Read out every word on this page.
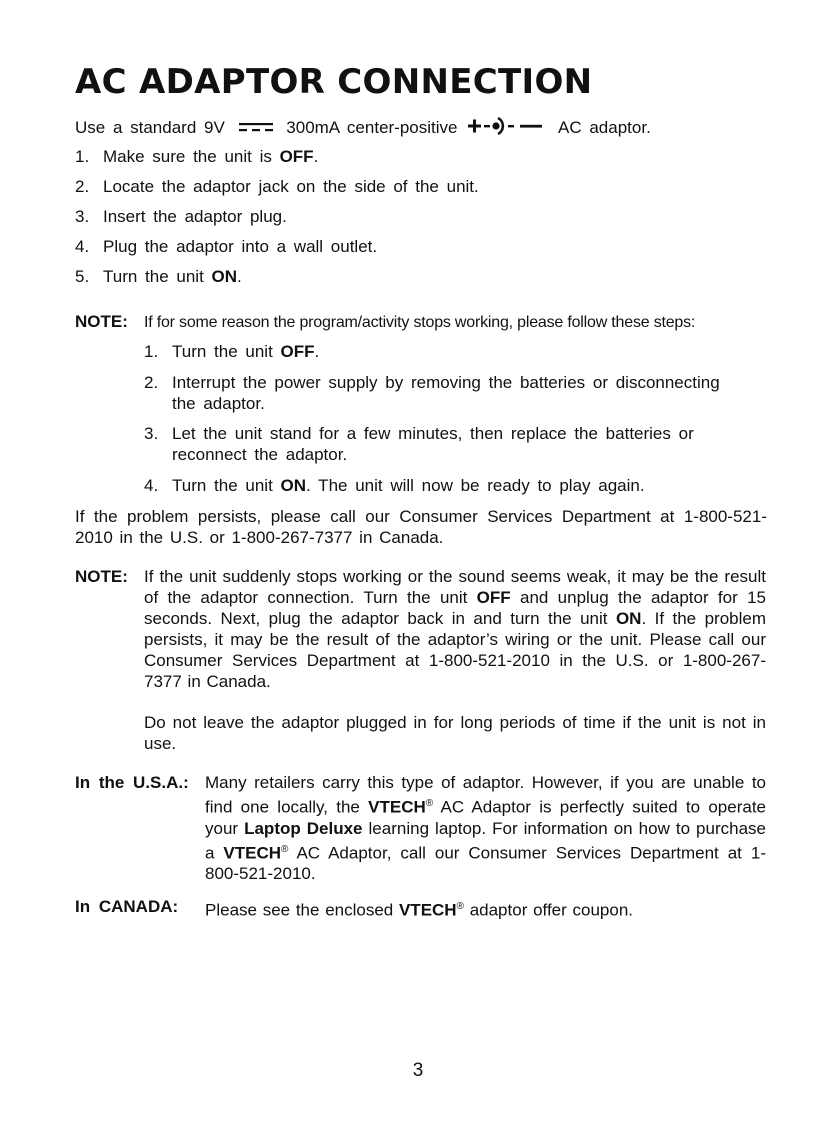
AC ADAPTOR CONNECTION
Use a standard 9V	300mA center-positive	AC adaptor.
1. Make sure the unit is OFF.
2. Locate the adaptor jack on the side of the unit.
3. Insert the adaptor plug.
4. Plug the adaptor into a wall outlet.
5. Turn the unit ON.
NOTE: If for some reason the program/activity stops working, please follow these steps:
1. Turn the unit OFF.
2. Interrupt the power supply by removing the batteries or disconnecting
the adaptor.
3. Let the unit stand for a few minutes, then replace the batteries or
reconnect the adaptor.
4. Turn the unit ON. The unit will now be ready to play again.
If the problem persists, please call our Consumer Services Department at 1-800-521-2010 in the U.S. or 1-800-267-7377 in Canada.
NOTE: If the unit suddenly stops working or the sound seems weak, it may be the result of the adaptor connection. Turn the unit OFF and unplug the adaptor for 15 seconds. Next, plug the adaptor back in and turn the unit ON. If the problem persists, it may be the result of the adaptor’s wiring or the unit. Please call our Consumer Services Department at 1-800-521-2010 in the U.S. or 1-800-267-7377 in Canada.
Do not leave the adaptor plugged in for long periods of time if the unit is not in use.
In the U.S.A.: Many retailers carry this type of adaptor. However, if you are unable to find one locally, the VTECH® AC Adaptor is perfectly suited to operate your Laptop Deluxe learning laptop. For information on how to purchase a VTECH® AC Adaptor, call our Consumer Services Department at 1-800-521-2010.
In CANADA: Please see the enclosed VTECH® adaptor offer coupon.
3
